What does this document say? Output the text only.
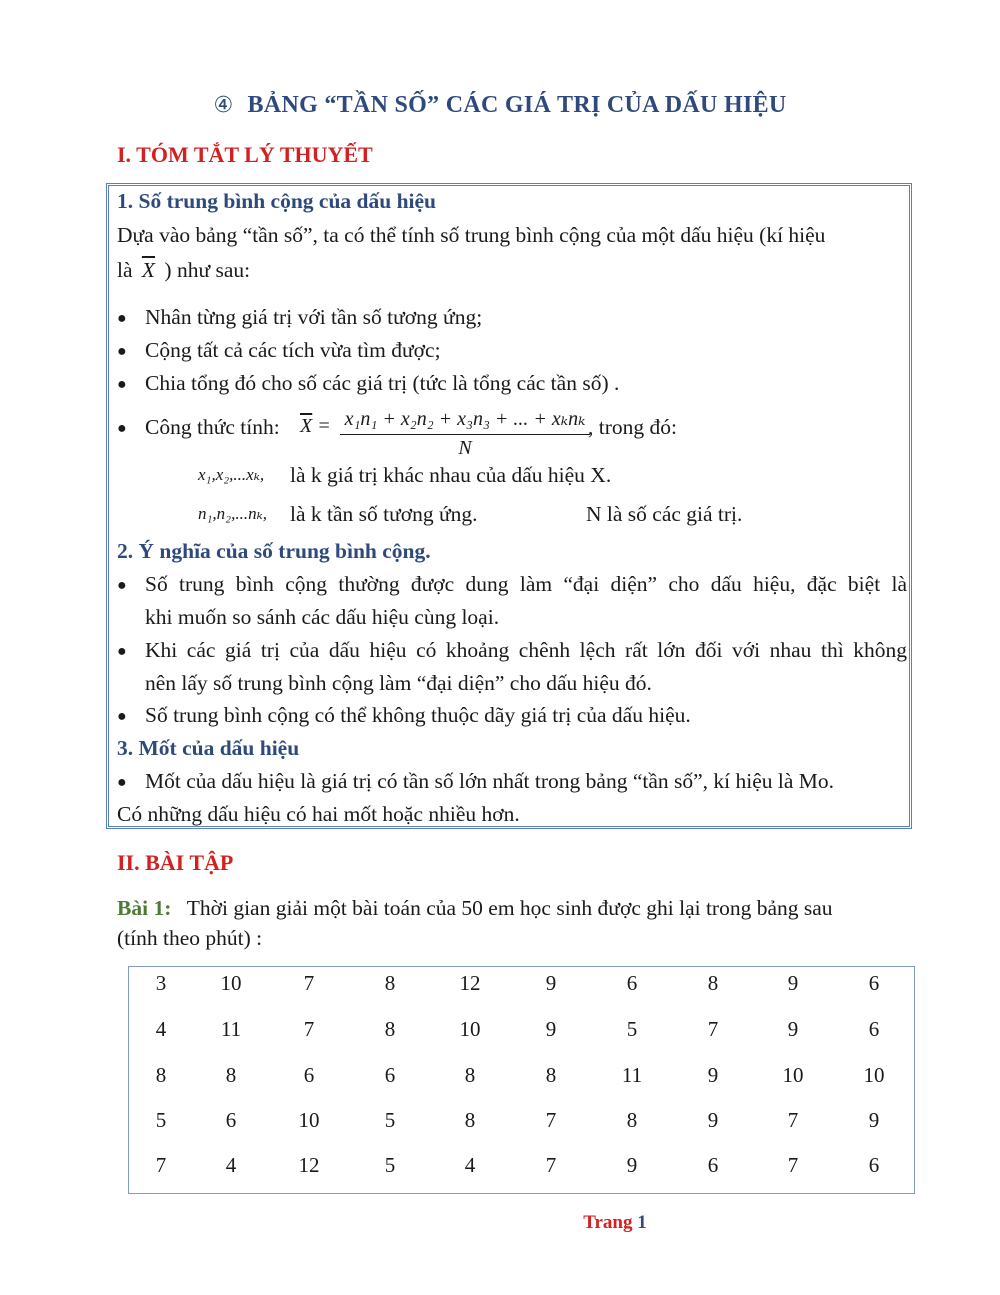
④ BẢNG “TẦN SỐ” CÁC GIÁ TRỊ CỦA DẤU HIỆU
I. TÓM TẮT LÝ THUYẾT
1. Số trung bình cộng của dấu hiệu
Dựa vào bảng “tần số”, ta có thể tính số trung bình cộng của một dấu hiệu (kí hiệu
là $\overline{X}$ ) như sau:
● Nhân từng giá trị với tần số tương ứng;
● Cộng tất cả các tích vừa tìm được;
● Chia tổng đó cho số các giá trị (tức là tổng các tần số) .
● Công thức tính: $\overline{X} = x_1n_1 + x_2n_2 + x_3n_3$ + ... + xₖnₖ
N
, trong đó:
x₁,x₂,...xₖ, là k giá trị khác nhau của dấu hiệu X.
n₁,n₂,...nₖ, là k tần số tương ứng.	N là số các giá trị.
2. Ý nghĩa của số trung bình cộng.
● Số trung bình cộng thường được dung làm “đại diện” cho dấu hiệu, đặc biệt là
khi muốn so sánh các dấu hiệu cùng loại.
● Khi các giá trị của dấu hiệu có khoảng chênh lệch rất lớn đối với nhau thì không
nên lấy số trung bình cộng làm “đại diện” cho dấu hiệu đó.
● Số trung bình cộng có thể không thuộc dãy giá trị của dấu hiệu.
3. Mốt của dấu hiệu
● Mốt của dấu hiệu là giá trị có tần số lớn nhất trong bảng “tần số”, kí hiệu là Mo.
Có những dấu hiệu có hai mốt hoặc nhiều hơn.
II. BÀI TẬP
Bài 1: Thời gian giải một bài toán của 50 em học sinh được ghi lại trong bảng sau
(tính theo phút) :
3	10	7	8	12	9	6	8	9	6
4	11	7	8	10	9	5	7	9	6
8	8	6	6	8	8	11	9	10	10
5	6	10	5	8	7	8	9	7	9
7	4	12	5	4	7	9	6	7	6
Trang 1
